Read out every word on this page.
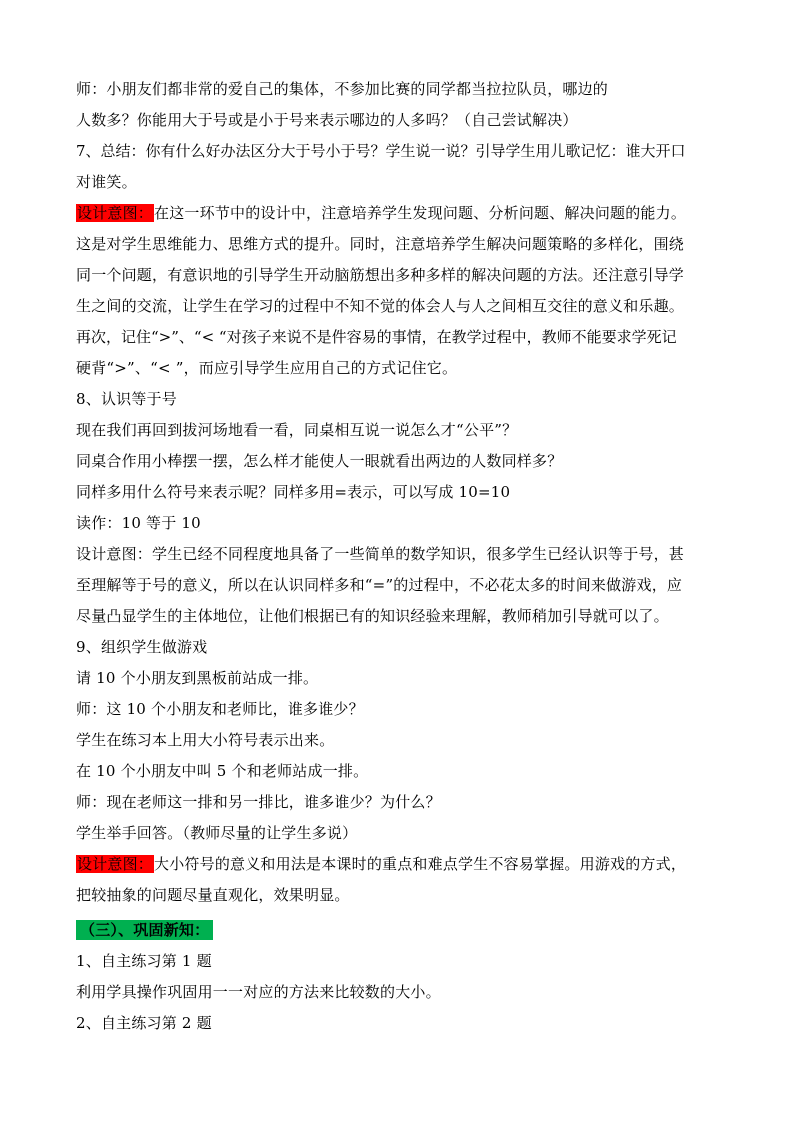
师：小朋友们都非常的爱自己的集体，不参加比赛的同学都当拉拉队员，哪边的
人数多？你能用大于号或是小于号来表示哪边的人多吗？（自己尝试解决）
7、总结：你有什么好办法区分大于号小于号？学生说一说？引导学生用儿歌记忆：谁大开口
对谁笑。
设计意图：在这一环节中的设计中，注意培养学生发现问题、分析问题、解决问题的能力。
这是对学生思维能力、思维方式的提升。同时，注意培养学生解决问题策略的多样化，围绕
同一个问题，有意识地的引导学生开动脑筋想出多种多样的解决问题的方法。还注意引导学
生之间的交流，让学生在学习的过程中不知不觉的体会人与人之间相互交往的意义和乐趣。
再次，记住“>”、“< “对孩子来说不是件容易的事情，在教学过程中，教师不能要求学死记
硬背“>”、“< ”，而应引导学生应用自己的方式记住它。
8、认识等于号
现在我们再回到拔河场地看一看，同桌相互说一说怎么才“公平”？
同桌合作用小棒摆一摆，怎么样才能使人一眼就看出两边的人数同样多？
同样多用什么符号来表示呢？同样多用=表示，可以写成 10=10
读作：10 等于 10
设计意图：学生已经不同程度地具备了一些简单的数学知识，很多学生已经认识等于号，甚
至理解等于号的意义，所以在认识同样多和“=”的过程中，不必花太多的时间来做游戏，应
尽量凸显学生的主体地位，让他们根据已有的知识经验来理解，教师稍加引导就可以了。
9、组织学生做游戏
请 10 个小朋友到黑板前站成一排。
师：这 10 个小朋友和老师比，谁多谁少？
学生在练习本上用大小符号表示出来。
在 10 个小朋友中叫 5 个和老师站成一排。
师：现在老师这一排和另一排比，谁多谁少？为什么？
学生举手回答。（教师尽量的让学生多说）
设计意图：大小符号的意义和用法是本课时的重点和难点学生不容易掌握。用游戏的方式，
把较抽象的问题尽量直观化，效果明显。
（三）、巩固新知：
1、自主练习第 1 题
利用学具操作巩固用一一对应的方法来比较数的大小。
2、自主练习第 2 题
